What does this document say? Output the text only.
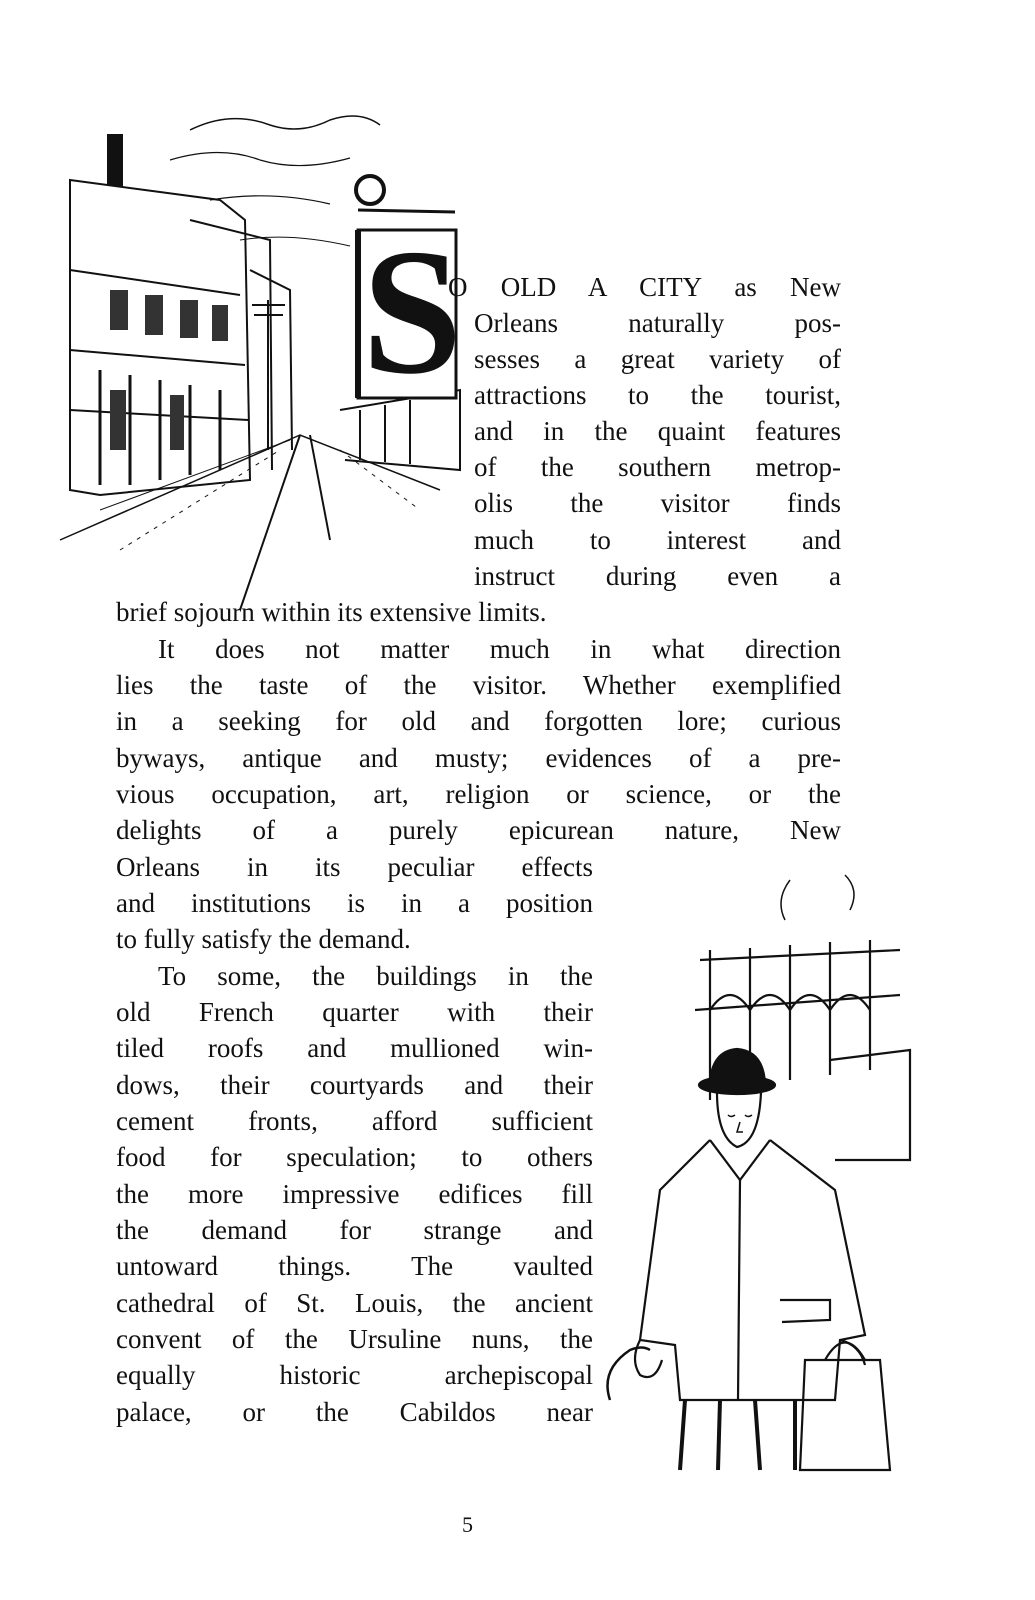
S
O OLD A CITY as New
Orleans naturally pos-
sesses a great variety of
attractions to the tourist,
and in the quaint features
of the southern metrop-
olis the visitor finds
much to interest and
instruct during even a
brief sojourn within its extensive limits.
It does not matter much in what direction
lies the taste of the visitor. Whether exemplified
in a seeking for old and forgotten lore; curious
byways, antique and musty; evidences of a pre-
vious occupation, art, religion or science, or the
delights of a purely epicurean nature, New
Orleans in its peculiar effects
and institutions is in a position
to fully satisfy the demand.
To some, the buildings in the
old French quarter with their
tiled roofs and mullioned win-
dows, their courtyards and their
cement fronts, afford sufficient
food for speculation; to others
the more impressive edifices fill
the demand for strange and
untoward things. The vaulted
cathedral of St. Louis, the ancient
convent of the Ursuline nuns, the
equally historic archepiscopal
palace, or the Cabildos near
5
